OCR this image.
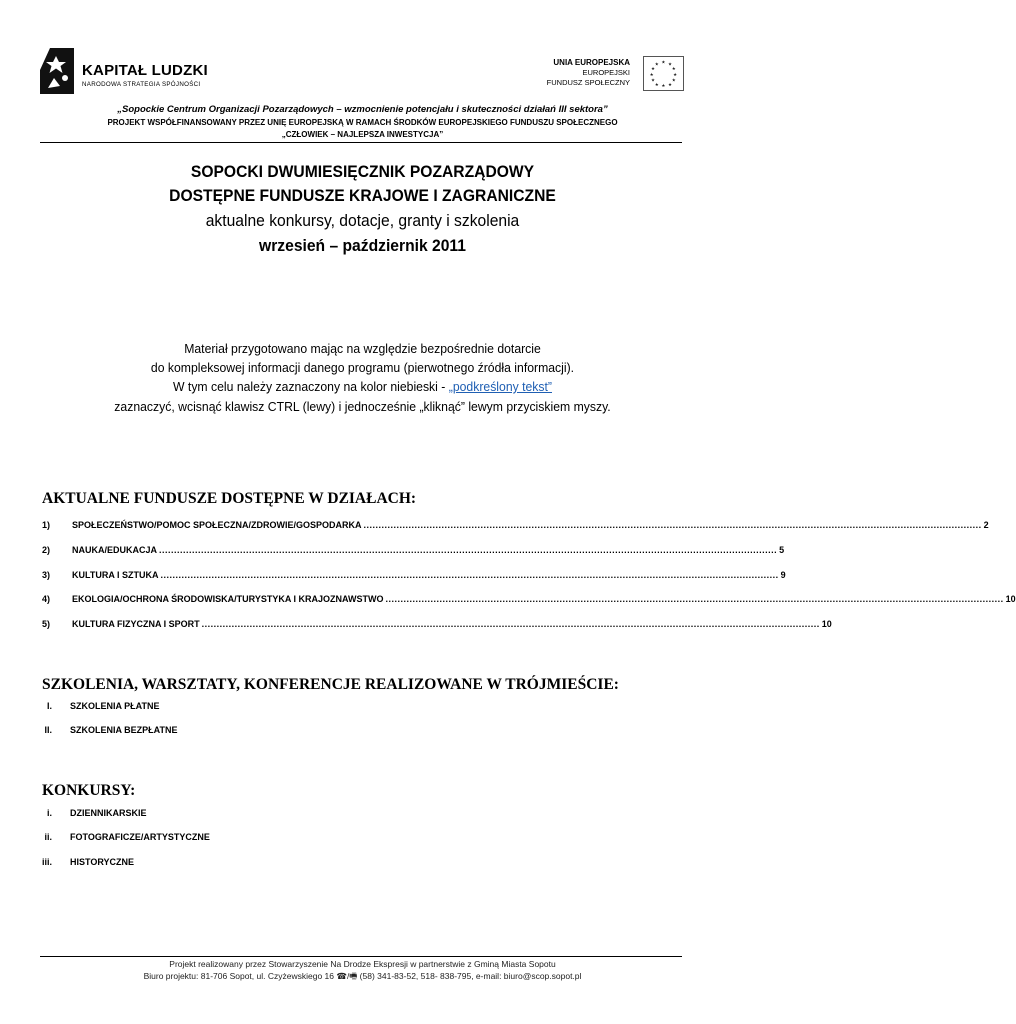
KAPITAŁ LUDZKI
NARODOWA STRATEGIA SPÓJNOŚCI
UNIA EUROPEJSKA
EUROPEJSKI
FUNDUSZ SPOŁECZNY
★ ★
★
★
★
★
★
★
★
★
★
★
„Sopockie Centrum Organizacji Pozarządowych – wzmocnienie potencjału i skuteczności działań III sektora”
PROJEKT WSPÓŁFINANSOWANY PRZEZ UNIĘ EUROPEJSKĄ W RAMACH ŚRODKÓW EUROPEJSKIEGO FUNDUSZU SPOŁECZNEGO
„CZŁOWIEK – NAJLEPSZA INWESTYCJA”
SOPOCKI DWUMIESIĘCZNIK POZARZĄDOWY
DOSTĘPNE FUNDUSZE KRAJOWE I ZAGRANICZNE
aktualne konkursy, dotacje, granty i szkolenia
wrzesień – październik 2011
Materiał przygotowano mając na względzie bezpośrednie dotarcie
do kompleksowej informacji danego programu (pierwotnego źródła informacji).
W tym celu należy zaznaczony na kolor niebieski - „podkreślony tekst”
zaznaczyć, wcisnąć klawisz CTRL (lewy) i jednocześnie „kliknąć” lewym przyciskiem myszy.
AKTUALNE FUNDUSZE DOSTĘPNE W DZIAŁACH:
1)	SPOŁECZEŃSTWO/POMOC SPOŁECZNA/ZDROWIE/GOSPODARKA .............................................................................................................................................................................................................. 2
2)	NAUKA/EDUKACJA .............................................................................................................................................................................................................. 5
3)	KULTURA I SZTUKA .............................................................................................................................................................................................................. 9
4)	EKOLOGIA/OCHRONA ŚRODOWISKA/TURYSTYKA I KRAJOZNAWSTWO .............................................................................................................................................................................................................. 10
5)	KULTURA FIZYCZNA I SPORT .............................................................................................................................................................................................................. 10
SZKOLENIA, WARSZTATY, KONFERENCJE REALIZOWANE W TRÓJMIEŚCIE:
I. SZKOLENIA PŁATNE
II. SZKOLENIA BEZPŁATNE
KONKURSY:
i. DZIENNIKARSKIE
ii. FOTOGRAFICZE/ARTYSTYCZNE
iii. HISTORYCZNE
Projekt realizowany przez Stowarzyszenie Na Drodze Ekspresji w partnerstwie z Gminą Miasta Sopotu
Biuro projektu: 81-706 Sopot, ul. Czyżewskiego 16 ☎/🖷 (58) 341-83-52, 518- 838-795, e-mail: biuro@scop.sopot.pl
